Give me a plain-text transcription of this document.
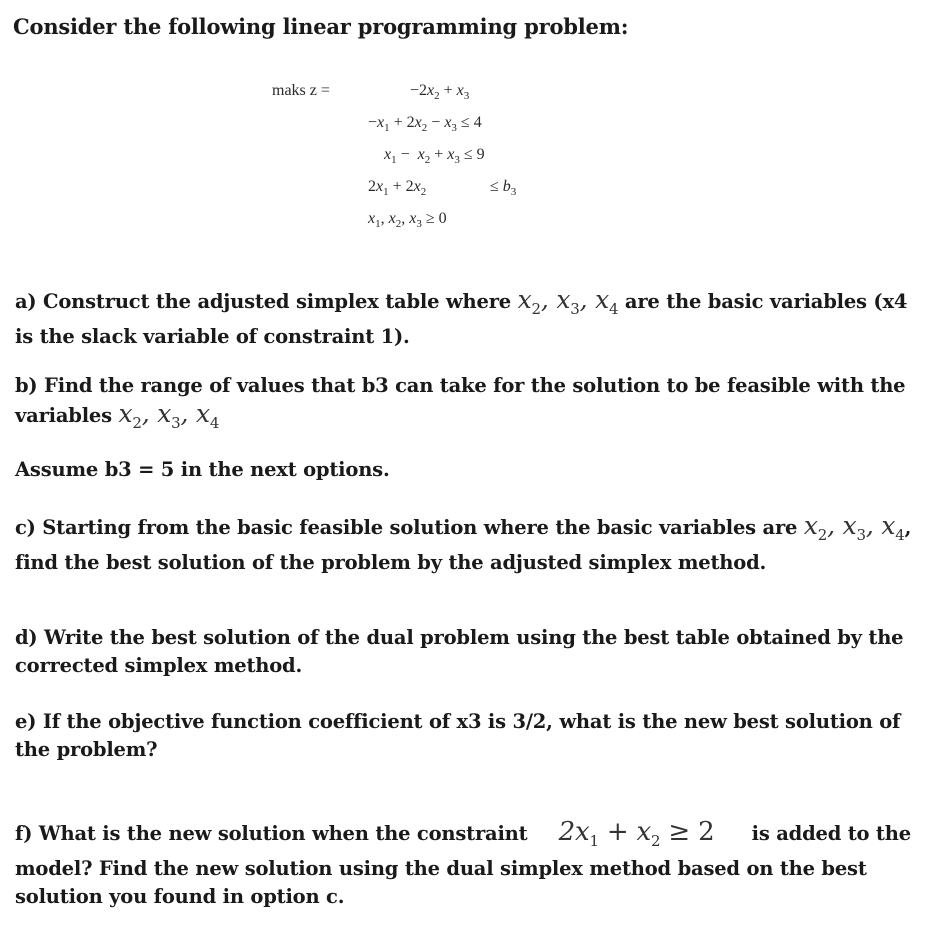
Consider the following linear programming problem:
maks z =	$-2x_2 + x_3$
$-x_1 + 2x_2 - x_3 \le 4$
$x_1 - x_2 + x_3 \le 9$
$2x_1 + 2x_2$	≤ $b_3$
$x_1$, $x_2$, $x_3 \ge 0$
a) Construct the adjusted simplex table where $x_2$, $x_3$, $x_4$ are the basic variables (x4 is the slack variable of constraint 1).
b) Find the range of values that b3 can take for the solution to be feasible with the variables $x_2$, $x_3$, $x_4$
Assume b3 = 5 in the next options.
c) Starting from the basic feasible solution where the basic variables are $x_2$, $x_3$, $x_4$, find the best solution of the problem by the adjusted simplex method.
d) Write the best solution of the dual problem using the best table obtained by the corrected simplex method.
e) If the objective function coefficient of x3 is 3/2, what is the new best solution of the problem?
f) What is the new solution when the constraint $2x_1 + x_2 \ge 2$ is added to the model? Find the new solution using the dual simplex method based on the best solution you found in option c.
